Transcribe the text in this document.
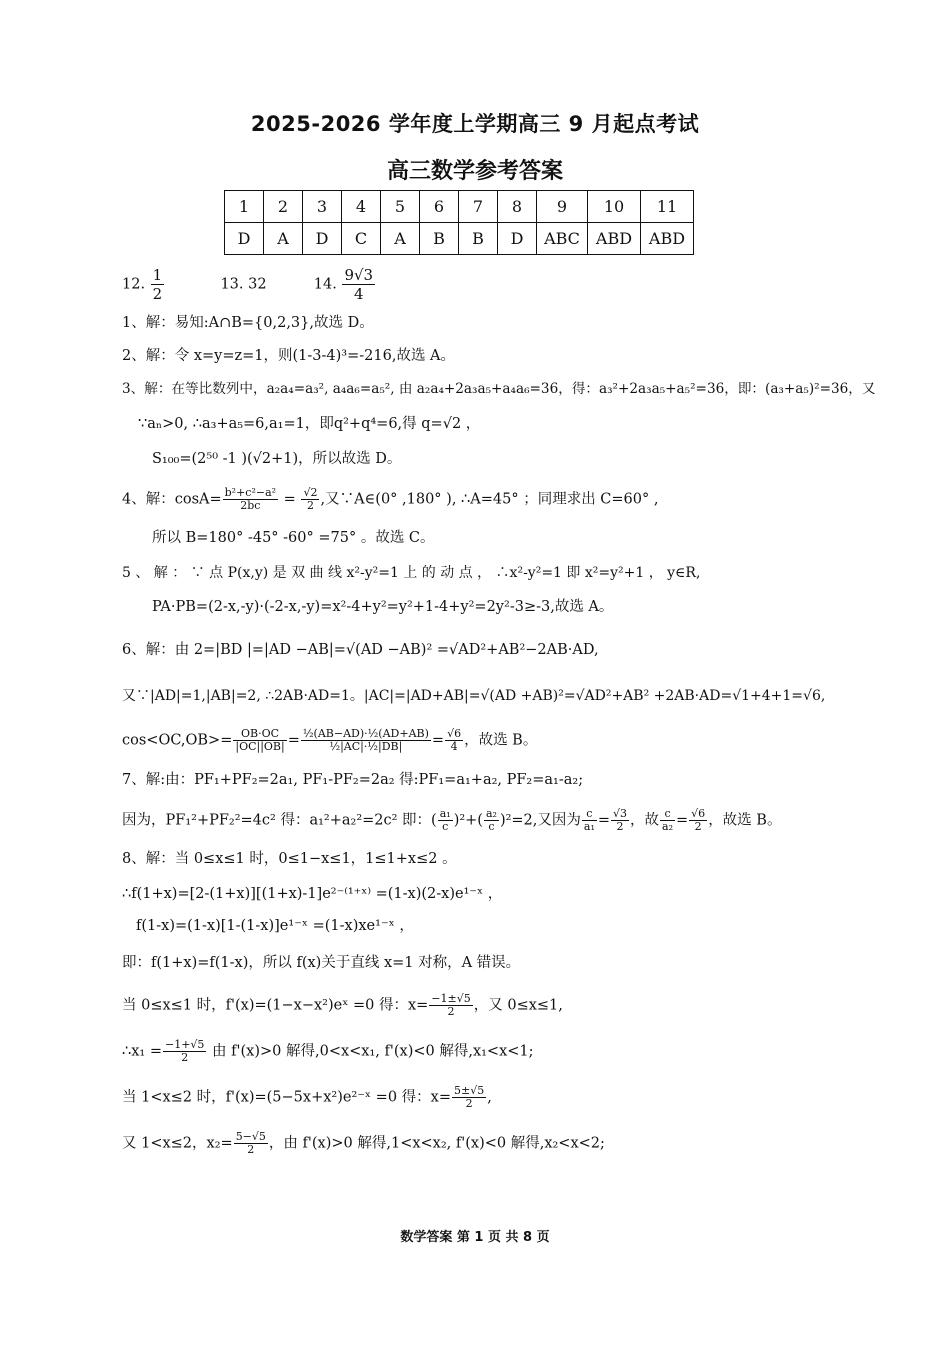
2025-2026 学年度上学期高三 9 月起点考试
高三数学参考答案
1	2	3	4	5	6	7	8	9	10	11
D	A	D	C	A	B	B	D	ABC	ABD	ABD
12. $\frac{1}{2}$	13. 32	14. $\frac{9√3}{4}$
1、解：易知:A∩B={0,2,3},故选 D。
2、解：令 x=y=z=1，则(1-3-4)³=-216,故选 A。
3、解：在等比数列中，a₂a₄=a₃², a₄a₆=a₅², 由 a₂a₄+2a₃a₅+a₄a₆=36，得：a₃²+2a₃a₅+a₅²=36，即：(a₃+a₅)²=36，又
∵aₙ>0, ∴a₃+a₅=6,a₁=1，即q²+q⁴=6,得 q=√2 ，
S₁₀₀=(2⁵⁰ -1 )(√2+1)，所以故选 D。
4、解：$\cos A= \frac{\text{b²+c²−a²}}{2bc} = \frac{√2}{2}$ ,又∵A∈(0° ,180° ), ∴A=45° ；同理求出 C=60° ,
所以 B=180° -45° -60° =75° 。故选 C。
5 、 解 ： ∵ 点 P(x,y) 是 双 曲 线 x²-y²=1 上 的 动 点 ， ∴x²-y²=1 即 x²=y²+1 ， y∈R,
PA·PB=(2-x,-y)·(-2-x,-y)=x²-4+y²=y²+1-4+y²=2y²-3≥-3,故选 A。
6、解：由 2=|BD |=|AD −AB|=√(AD −AB)² =√AD²+AB²−2AB·AD,
又∵|AD|=1,|AB|=2, ∴2AB·AD=1。|AC|=|AD+AB|=√(AD +AB)²=√AD²+AB² +2AB·AD=√1+4+1=√6,
$\cos<OC,OB>= \frac{OB\cdot OC}{|OC||OB|} = \frac{\text{½(AB−AD)·½(AD+AB)}}{\text{½|AC|·½|DB|}} = \frac{√6}{4}$ ，故选 B。
7、解:由：PF₁+PF₂=2a₁, PF₁-PF₂=2a₂ 得:PF₁=a₁+a₂, PF₂=a₁-a₂;
因为，PF₁²+PF₂²=4c² 得：a₁²+a₂²=2c² 即：( $\frac{\text{a₁}}{c} )^2+( \frac{\text{a₂}}{c} )^2=2$,又因为 $\frac{c}{\text{a₁}} = \frac{√3}{2}$ ，故 $\frac{c}{\text{a₂}} = \frac{√6}{2}$ ，故选 B。
8、解：当 0≤x≤1 时，0≤1−x≤1，1≤1+x≤2 。
∴f(1+x)=[2-(1+x)][(1+x)-1]e²⁻⁽¹⁺ˣ⁾ =(1-x)(2-x)e¹⁻ˣ ，
f(1-x)=(1-x)[1-(1-x)]e¹⁻ˣ =(1-x)xe¹⁻ˣ ，
即：f(1+x)=f(1-x)，所以 f(x)关于直线 x=1 对称，A 错误。
当 0≤x≤1 时，f'(x)=(1−x−x²)eˣ =0 得：$x= \frac{-1\pm√5}{2}$ ，又 0≤x≤1,
∴x₁ = $\frac{-1+√5}{2}$ 由 f'(x)>0 解得,0<x<x₁, f'(x)<0 解得,x₁<x<1;
当 1<x≤2 时，f'(x)=(5−5x+x²)e²⁻ˣ =0 得：$x= \frac{5\pm√5}{2}$ ,
又 1<x≤2，$x_2= \frac{5-√5}{2}$ ，由 f'(x)>0 解得,1<x<x₂, f'(x)<0 解得,x₂<x<2;
数学答案 第 1 页 共 8 页
